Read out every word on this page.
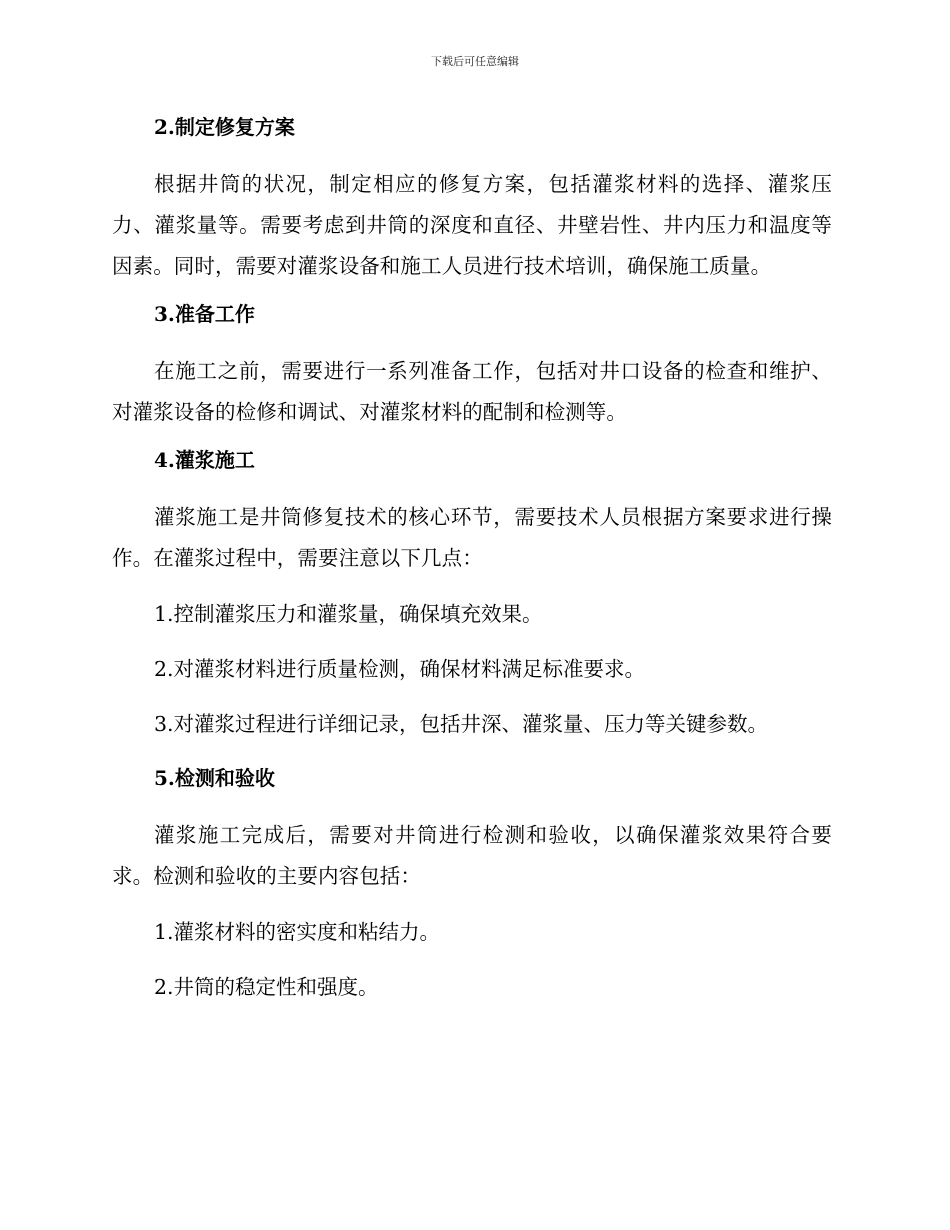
下载后可任意编辑
2.制定修复方案

根据井筒的状况，制定相应的修复方案，包括灌浆材料的选择、灌浆压力、灌浆量等。需要考虑到井筒的深度和直径、井壁岩性、井内压力和温度等因素。同时，需要对灌浆设备和施工人员进行技术培训，确保施工质量。

3.准备工作

在施工之前，需要进行一系列准备工作，包括对井口设备的检查和维护、对灌浆设备的检修和调试、对灌浆材料的配制和检测等。

4.灌浆施工

灌浆施工是井筒修复技术的核心环节，需要技术人员根据方案要求进行操作。在灌浆过程中，需要注意以下几点：

1.控制灌浆压力和灌浆量，确保填充效果。

2.对灌浆材料进行质量检测，确保材料满足标准要求。

3.对灌浆过程进行详细记录，包括井深、灌浆量、压力等关键参数。

5.检测和验收

灌浆施工完成后，需要对井筒进行检测和验收，以确保灌浆效果符合要求。检测和验收的主要内容包括：

1.灌浆材料的密实度和粘结力。

2.井筒的稳定性和强度。
